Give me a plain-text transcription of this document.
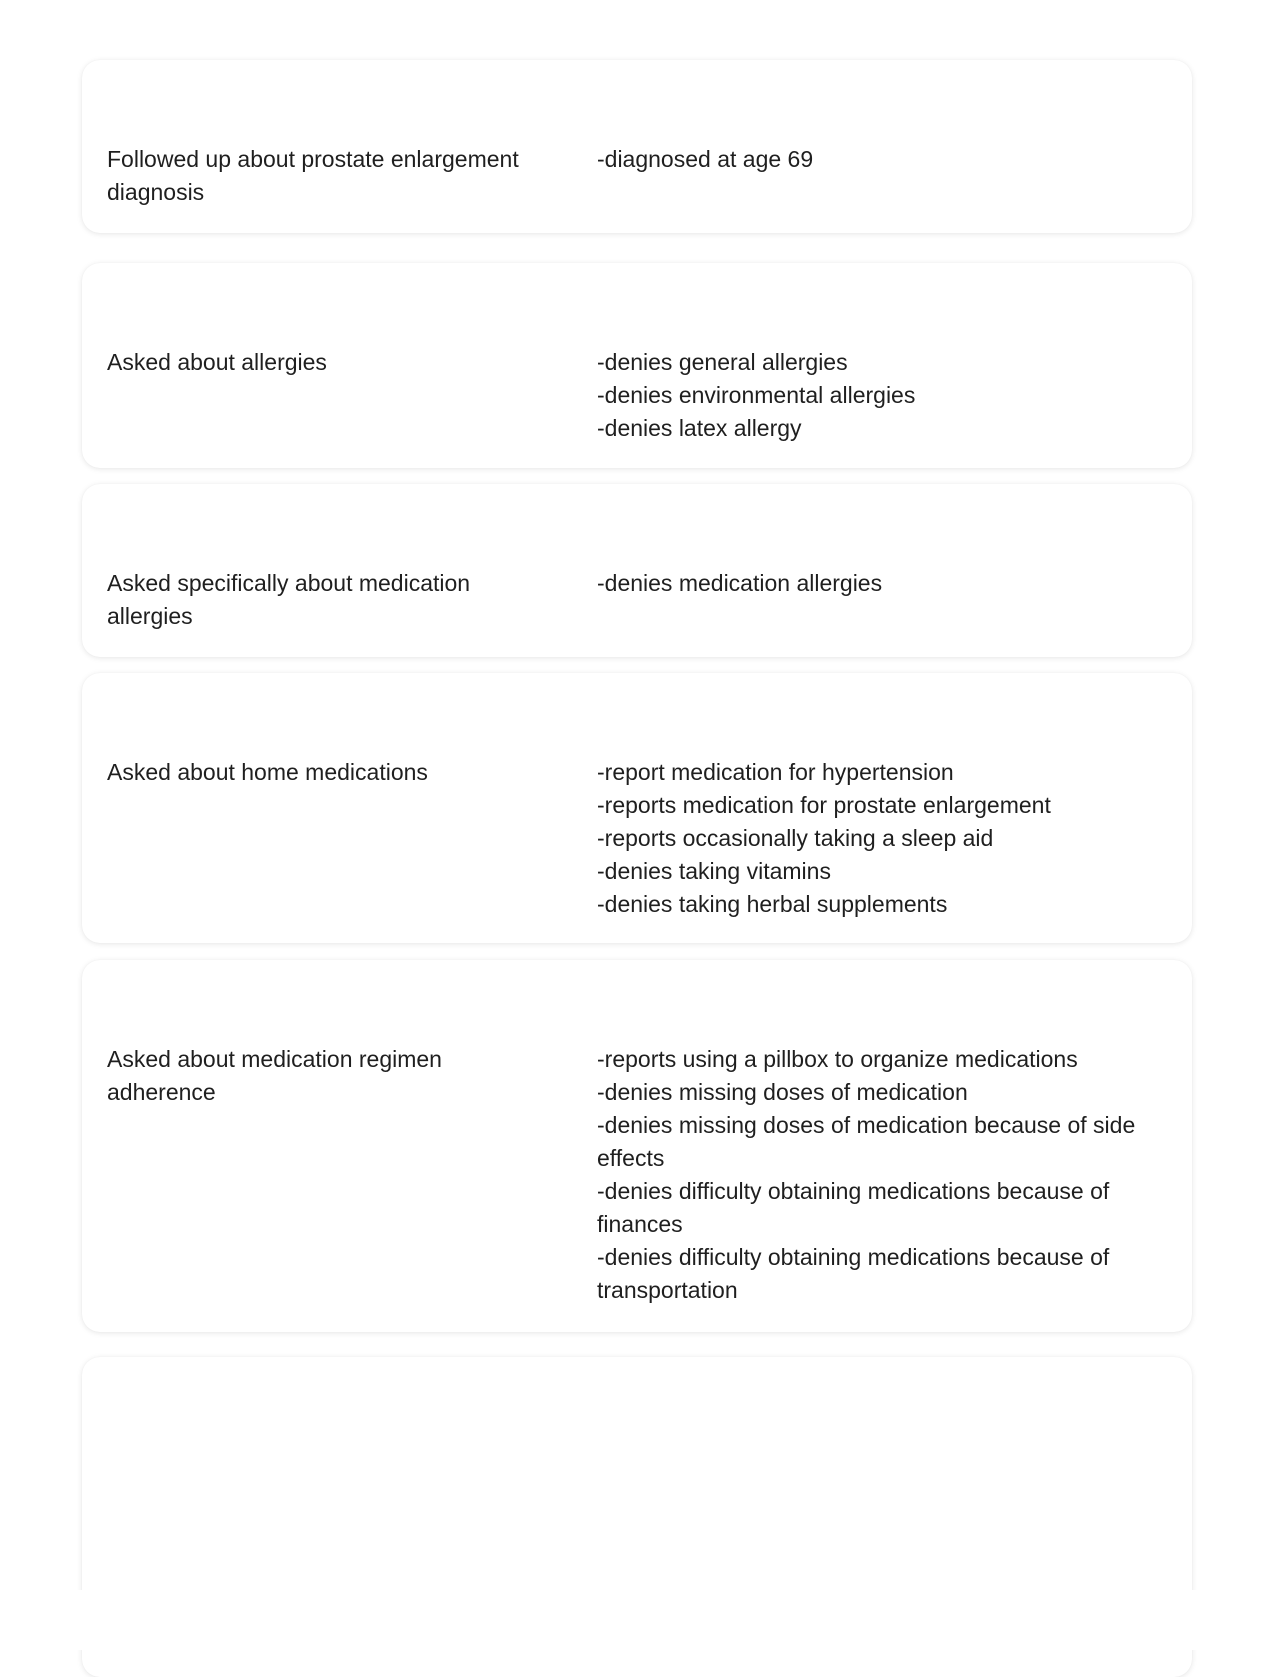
Followed up about prostate enlargement diagnosis
-diagnosed at age 69
Asked about allergies	-denies general allergies
-denies environmental allergies
-denies latex allergy
Asked specifically about medication allergies
-denies medication allergies
Asked about home medications	-report medication for hypertension
-reports medication for prostate enlargement
-reports occasionally taking a sleep aid
-denies taking vitamins
-denies taking herbal supplements
Asked about medication regimen adherence
-reports using a pillbox to organize medications
-denies missing doses of medication
-denies missing doses of medication because of side effects
-denies difficulty obtaining medications because of finances
-denies difficulty obtaining medications because of transportation
